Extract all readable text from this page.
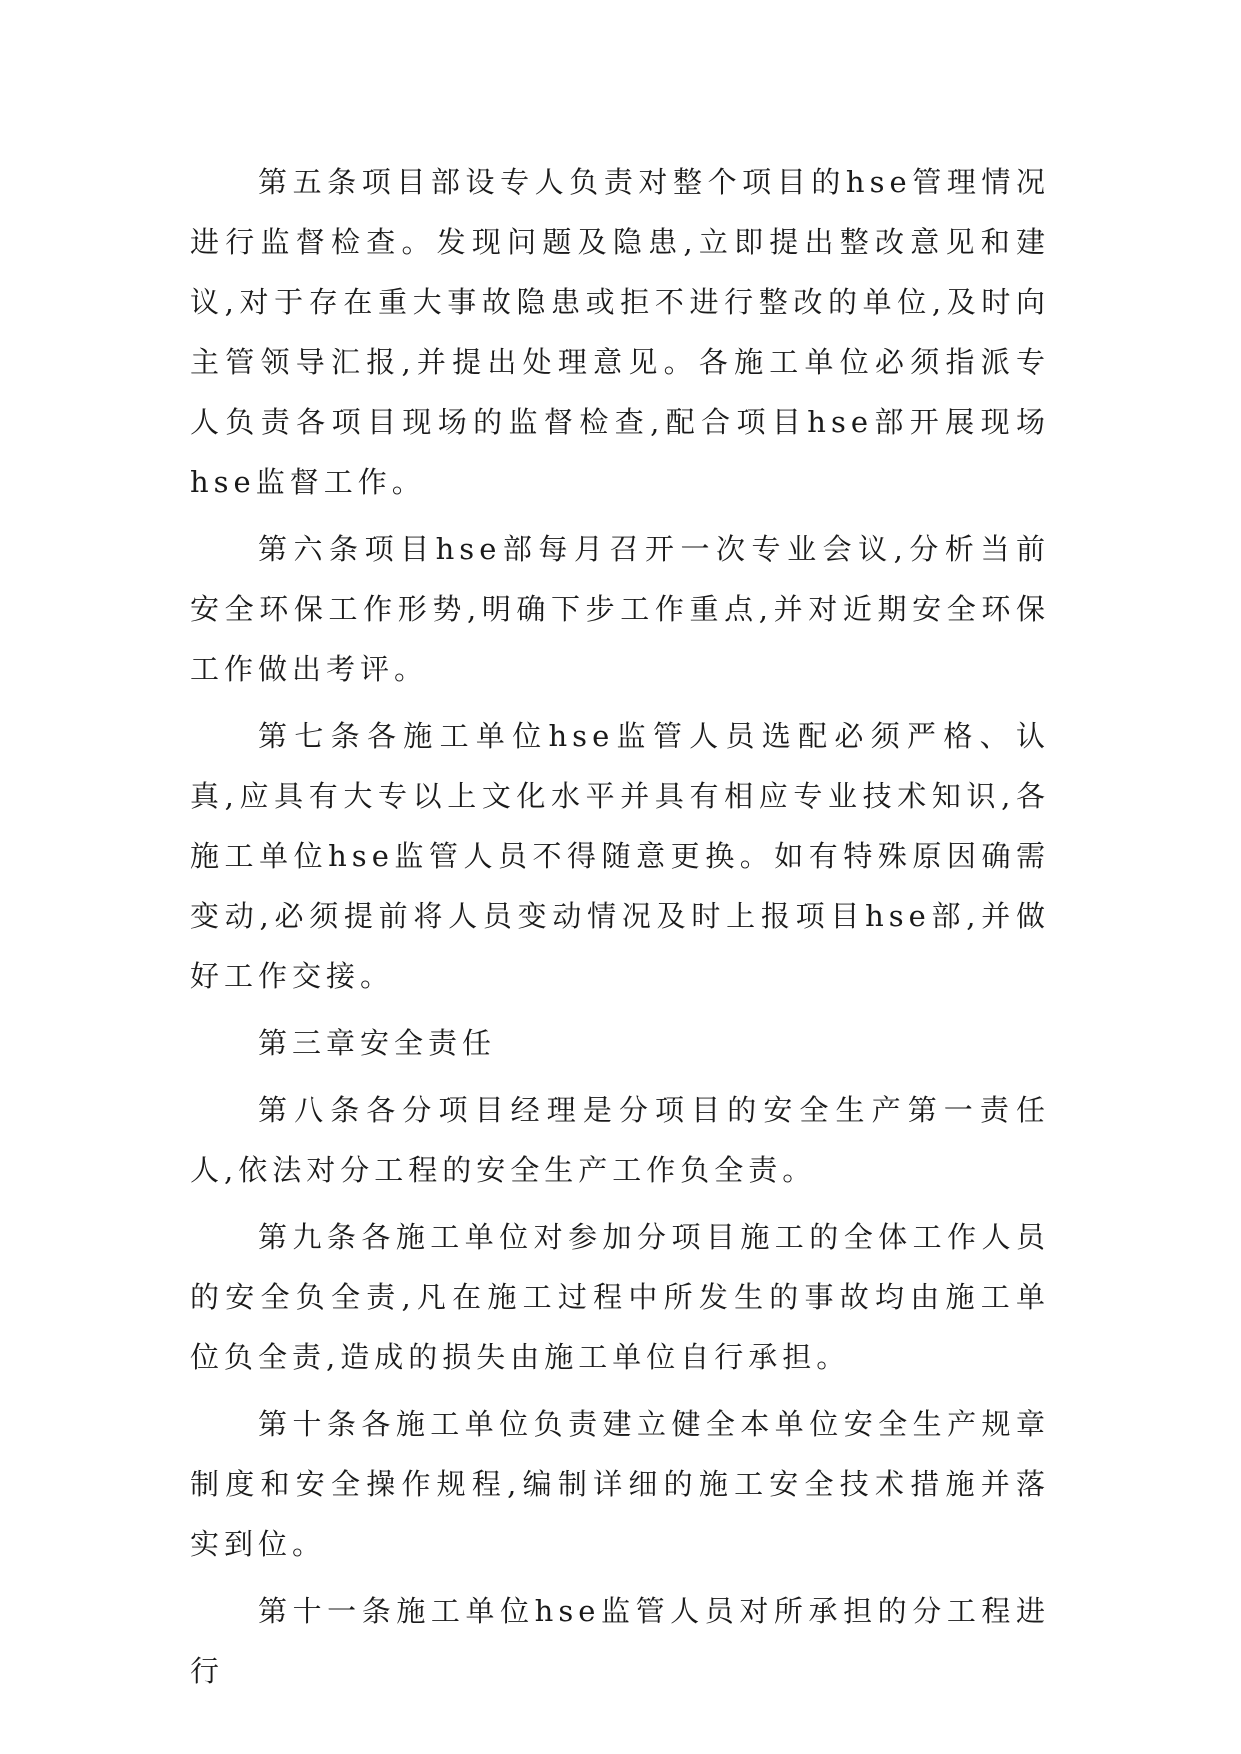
第五条项目部设专人负责对整个项目的hse管理情况进行监督检查。发现问题及隐患,立即提出整改意见和建议,对于存在重大事故隐患或拒不进行整改的单位,及时向主管领导汇报,并提出处理意见。各施工单位必须指派专人负责各项目现场的监督检查,配合项目hse部开展现场hse监督工作。

第六条项目hse部每月召开一次专业会议,分析当前安全环保工作形势,明确下步工作重点,并对近期安全环保工作做出考评。

第七条各施工单位hse监管人员选配必须严格、认真,应具有大专以上文化水平并具有相应专业技术知识,各施工单位hse监管人员不得随意更换。如有特殊原因确需变动,必须提前将人员变动情况及时上报项目hse部,并做好工作交接。

第三章安全责任

第八条各分项目经理是分项目的安全生产第一责任人,依法对分工程的安全生产工作负全责。

第九条各施工单位对参加分项目施工的全体工作人员的安全负全责,凡在施工过程中所发生的事故均由施工单位负全责,造成的损失由施工单位自行承担。

第十条各施工单位负责建立健全本单位安全生产规章制度和安全操作规程,编制详细的施工安全技术措施并落实到位。

第十一条施工单位hse监管人员对所承担的分工程进行
